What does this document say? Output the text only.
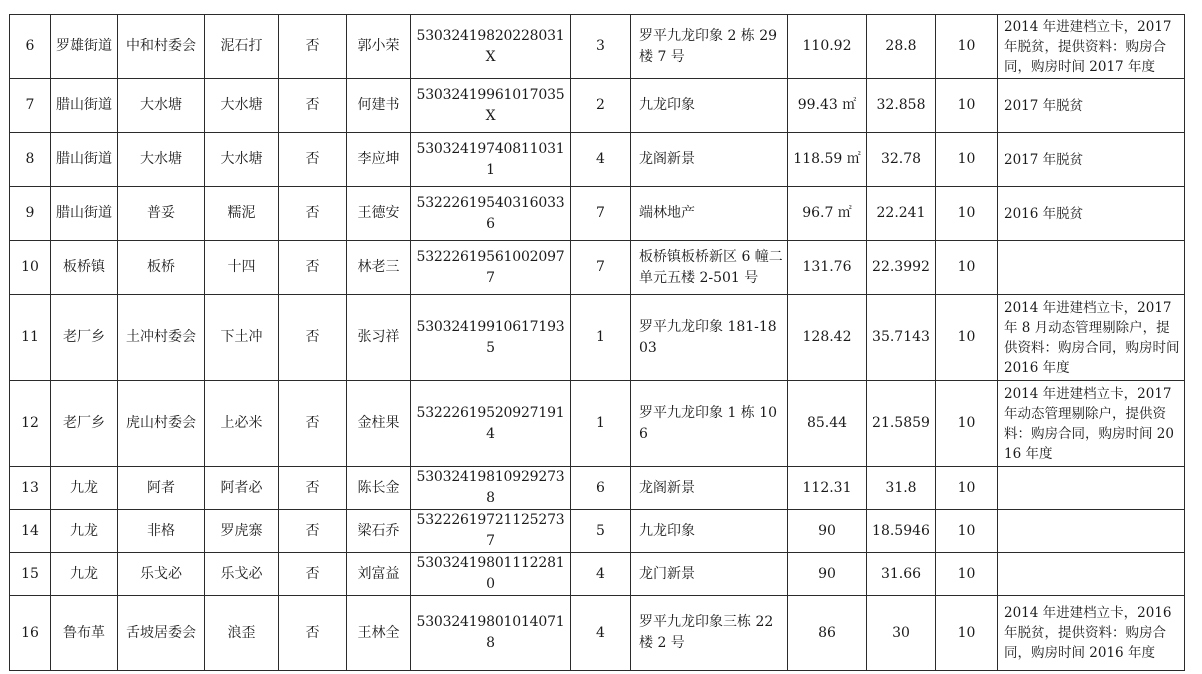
6	罗雄街道	中和村委会	泥石打	否	郭小荣	53032419820228031X	3	罗平九龙印象 2 栋 29 楼 7 号	110.92	28.8	10	2014 年进建档立卡，2017 年脱贫，提供资料：购房合同，购房时间 2017 年度
7	腊山街道	大水塘	大水塘	否	何建书	53032419961017035X	2	九龙印象	99.43 ㎡	32.858	10	2017 年脱贫
8	腊山街道	大水塘	大水塘	否	李应坤	530324197408110311	4	龙阁新景	118.59 ㎡	32.78	10	2017 年脱贫
9	腊山街道	普妥	糯泥	否	王德安	532226195403160336	7	端林地产	96.7 ㎡	22.241	10	2016 年脱贫
10	板桥镇	板桥	十四	否	林老三	532226195610020977	7	板桥镇板桥新区 6 幢二单元五楼 2-501 号	131.76	22.3992	10	
11	老厂乡	土冲村委会	下土冲	否	张习祥	530324199106171935	1	罗平九龙印象 181-1803	128.42	35.7143	10	2014 年进建档立卡，2017 年 8 月动态管理剔除户，提供资料：购房合同，购房时间 2016 年度
12	老厂乡	虎山村委会	上必米	否	金柱果	532226195209271914	1	罗平九龙印象 1 栋 106	85.44	21.5859	10	2014 年进建档立卡，2017 年动态管理剔除户，提供资料：购房合同，购房时间 2016 年度
13	九龙	阿者	阿者必	否	陈长金	530324198109292738	6	龙阁新景	112.31	31.8	10	
14	九龙	非格	罗虎寨	否	梁石乔	532226197211252737	5	九龙印象	90	18.5946	10	
15	九龙	乐戈必	乐戈必	否	刘富益	530324198011122810	4	龙门新景	90	31.66	10	
16	鲁布革	舌坡居委会	浪歪	否	王林全	530324198010140718	4	罗平九龙印象三栋 22 楼 2 号	86	30	10	2014 年进建档立卡，2016 年脱贫，提供资料：购房合同，购房时间 2016 年度
